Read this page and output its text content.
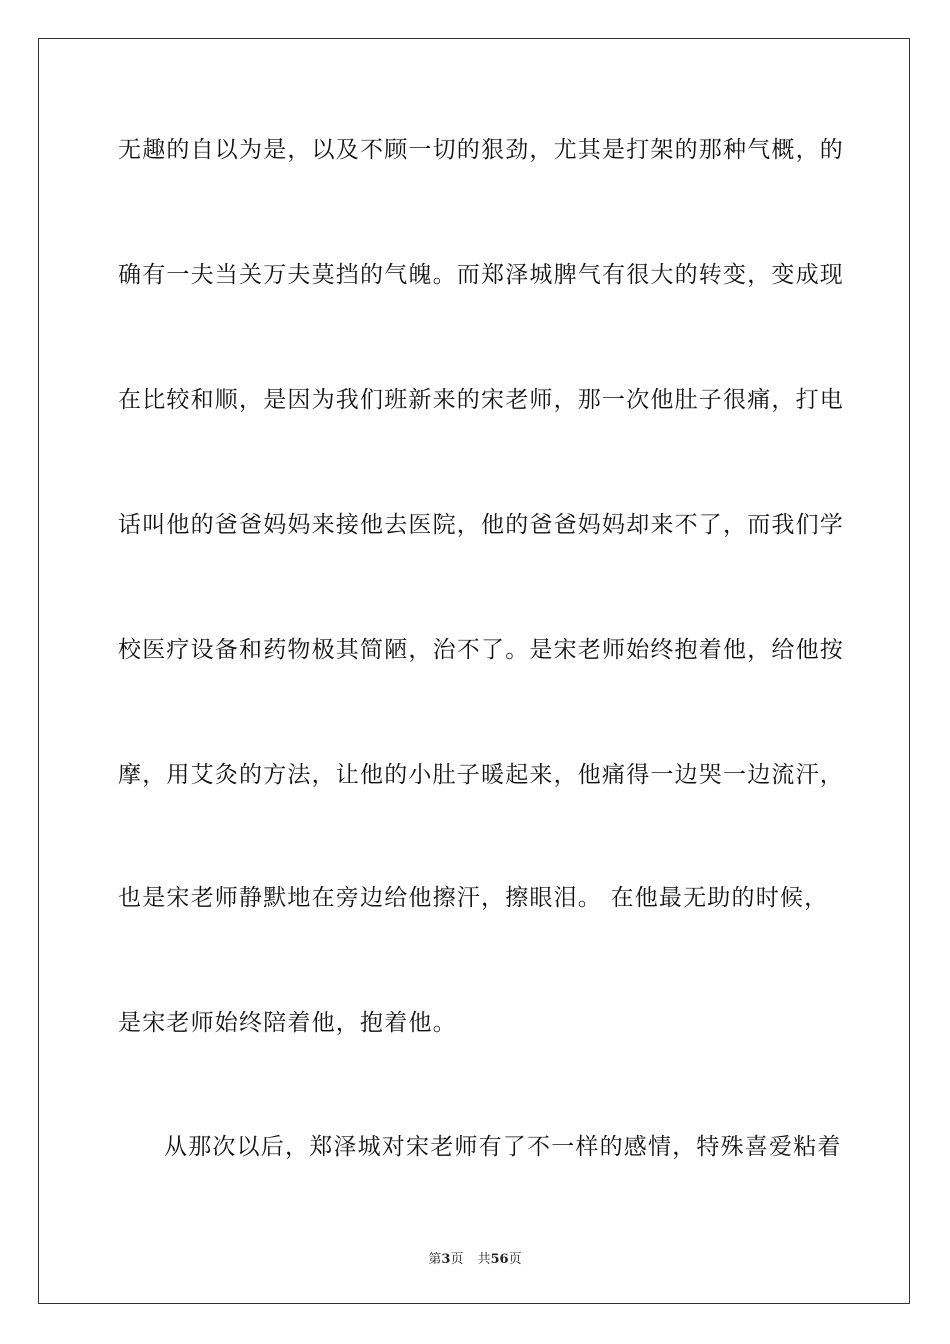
无趣的自以为是，以及不顾一切的狠劲，尤其是打架的那种气概，的
确有一夫当关万夫莫挡的气魄。而郑泽城脾气有很大的转变，变成现
在比较和顺，是因为我们班新来的宋老师，那一次他肚子很痛，打电
话叫他的爸爸妈妈来接他去医院，他的爸爸妈妈却来不了，而我们学
校医疗设备和药物极其简陋，治不了。是宋老师始终抱着他，给他按
摩，用艾灸的方法，让他的小肚子暖起来，他痛得一边哭一边流汗，
也是宋老师静默地在旁边给他擦汗，擦眼泪。 在他最无助的时候，
是宋老师始终陪着他，抱着他。
从那次以后，郑泽城对宋老师有了不一样的感情，特殊喜爱粘着
第3页 共56页
